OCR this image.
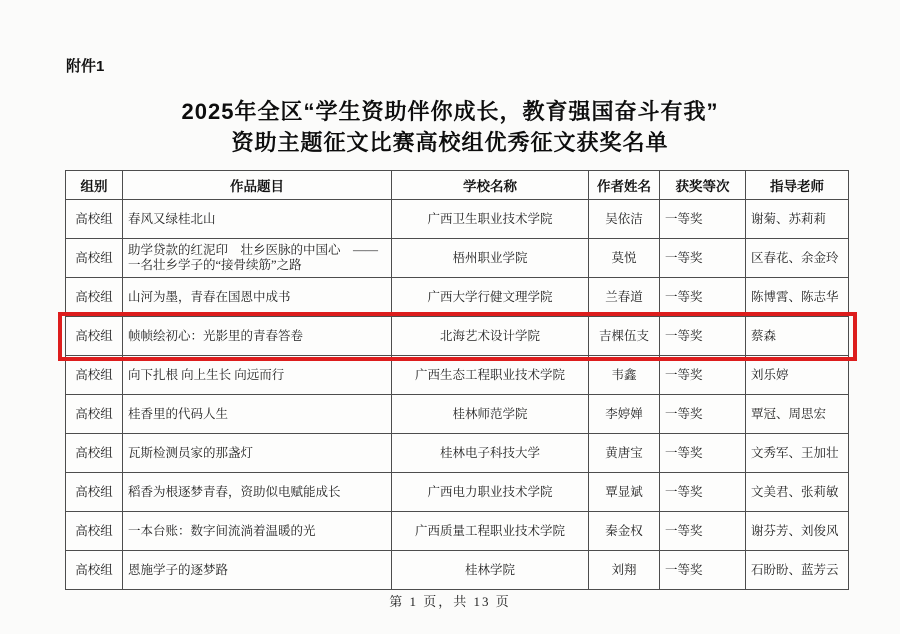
附件1
2025年全区“学生资助伴你成长，教育强国奋斗有我”
资助主题征文比赛高校组优秀征文获奖名单
组别	作品题目	学校名称	作者姓名	获奖等次	指导老师
高校组	春风又绿桂北山	广西卫生职业技术学院	吴依洁	一等奖	谢菊、苏莉莉
高校组	助学贷款的红泥印　壮乡医脉的中国心　—— 一名壮乡学子的“接骨续筋”之路	梧州职业学院	莫悦	一等奖	区春花、余金玲
高校组	山河为墨，青春在国恩中成书	广西大学行健文理学院	兰春道	一等奖	陈博霄、陈志华
高校组	帧帧绘初心：光影里的青春答卷	北海艺术设计学院	吉棵伍支	一等奖	蔡森
高校组	向下扎根 向上生长 向远而行	广西生态工程职业技术学院	韦鑫	一等奖	刘乐婷
高校组	桂香里的代码人生	桂林师范学院	李婷婵	一等奖	覃冠、周思宏
高校组	瓦斯检测员家的那盏灯	桂林电子科技大学	黄唐宝	一等奖	文秀军、王加壮
高校组	稻香为根逐梦青春，资助似电赋能成长	广西电力职业技术学院	覃显斌	一等奖	文美君、张莉敏
高校组	一本台账：数字间流淌着温暖的光	广西质量工程职业技术学院	秦金权	一等奖	谢芬芳、刘俊风
高校组	恩施学子的逐梦路	桂林学院	刘翔	一等奖	石盼盼、蓝芳云
第 1 页，共 13 页
